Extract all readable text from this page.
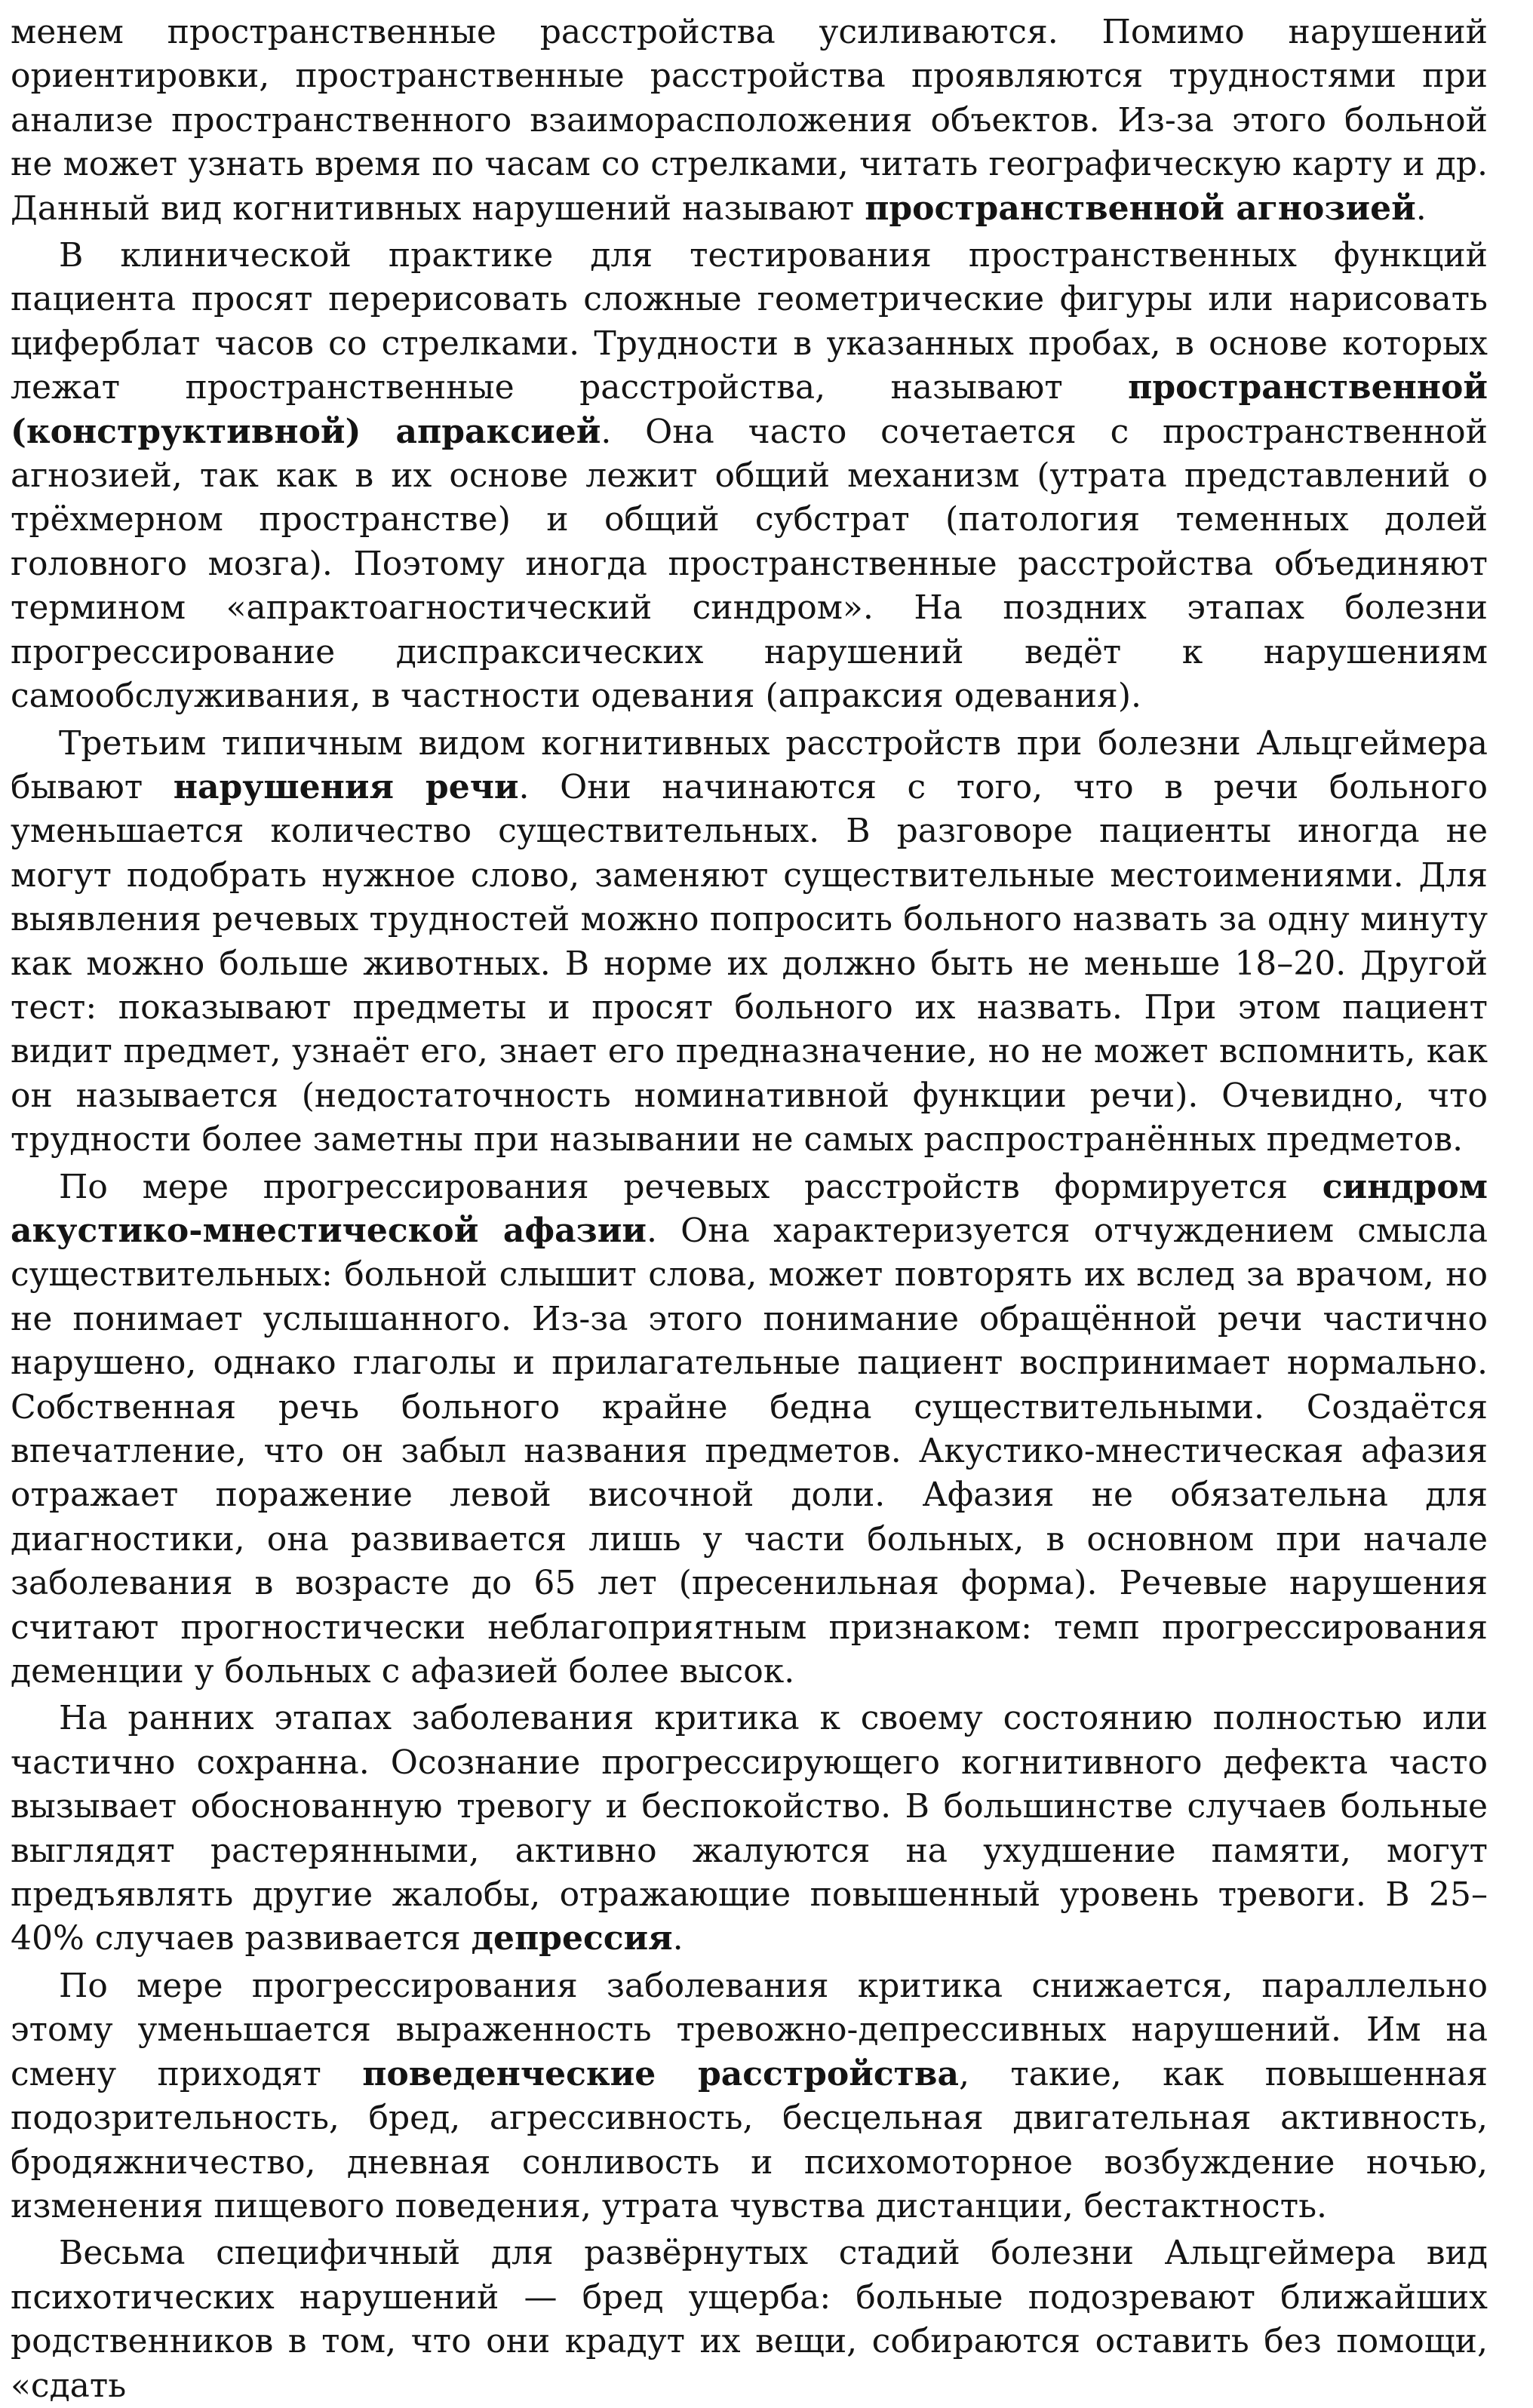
менем пространственные расстройства усиливаются. Помимо нарушений ориентировки, пространственные расстройства проявляются трудностями при анализе пространственного взаиморасположения объектов. Из-за этого больной не может узнать время по часам со стрелками, читать географическую карту и др. Данный вид когнитивных нарушений называют пространственной агнозией.

В клинической практике для тестирования пространственных функций пациента просят перерисовать сложные геометрические фигуры или нарисовать циферблат часов со стрелками. Трудности в указанных пробах, в основе которых лежат пространственные расстройства, называют пространственной (конструктивной) апраксией. Она часто сочетается с пространственной агнозией, так как в их основе лежит общий механизм (утрата представлений о трёхмерном пространстве) и общий субстрат (патология теменных долей головного мозга). Поэтому иногда пространственные расстройства объединяют термином «апрактоагностический синдром». На поздних этапах болезни прогрессирование диспраксических нарушений ведёт к нарушениям самообслуживания, в частности одевания (апраксия одевания).

Третьим типичным видом когнитивных расстройств при болезни Альцгеймера бывают нарушения речи. Они начинаются с того, что в речи больного уменьшается количество существительных. В разговоре пациенты иногда не могут подобрать нужное слово, заменяют существительные местоимениями. Для выявления речевых трудностей можно попросить больного назвать за одну минуту как можно больше животных. В норме их должно быть не меньше 18–20. Другой тест: показывают предметы и просят больного их назвать. При этом пациент видит предмет, узнаёт его, знает его предназначение, но не может вспомнить, как он называется (недостаточность номинативной функции речи). Очевидно, что трудности более заметны при назывании не самых распространённых предметов.

По мере прогрессирования речевых расстройств формируется синдром акустико-мнестической афазии. Она характеризуется отчуждением смысла существительных: больной слышит слова, может повторять их вслед за врачом, но не понимает услышанного. Из-за этого понимание обращённой речи частично нарушено, однако глаголы и прилагательные пациент воспринимает нормально. Собственная речь больного крайне бедна существительными. Создаётся впечатление, что он забыл названия предметов. Акустико-мнестическая афазия отражает поражение левой височной доли. Афазия не обязательна для диагностики, она развивается лишь у части больных, в основном при начале заболевания в возрасте до 65 лет (пресенильная форма). Речевые нарушения считают прогностически неблагоприятным признаком: темп прогрессирования деменции у больных с афазией более высок.

На ранних этапах заболевания критика к своему состоянию полностью или частично сохранна. Осознание прогрессирующего когнитивного дефекта часто вызывает обоснованную тревогу и беспокойство. В большинстве случаев больные выглядят растерянными, активно жалуются на ухудшение памяти, могут предъявлять другие жалобы, отражающие повышенный уровень тревоги. В 25–40% случаев развивается депрессия.

По мере прогрессирования заболевания критика снижается, параллельно этому уменьшается выраженность тревожно-депрессивных нарушений. Им на смену приходят поведенческие расстройства, такие, как повышенная подозрительность, бред, агрессивность, бесцельная двигательная активность, бродяжничество, дневная сонливость и психомоторное возбуждение ночью, изменения пищевого поведения, утрата чувства дистанции, бестактность.

Весьма специфичный для развёрнутых стадий болезни Альцгеймера вид психотических нарушений — бред ущерба: больные подозревают ближайших родственников в том, что они крадут их вещи, собираются оставить без помощи, «сдать
